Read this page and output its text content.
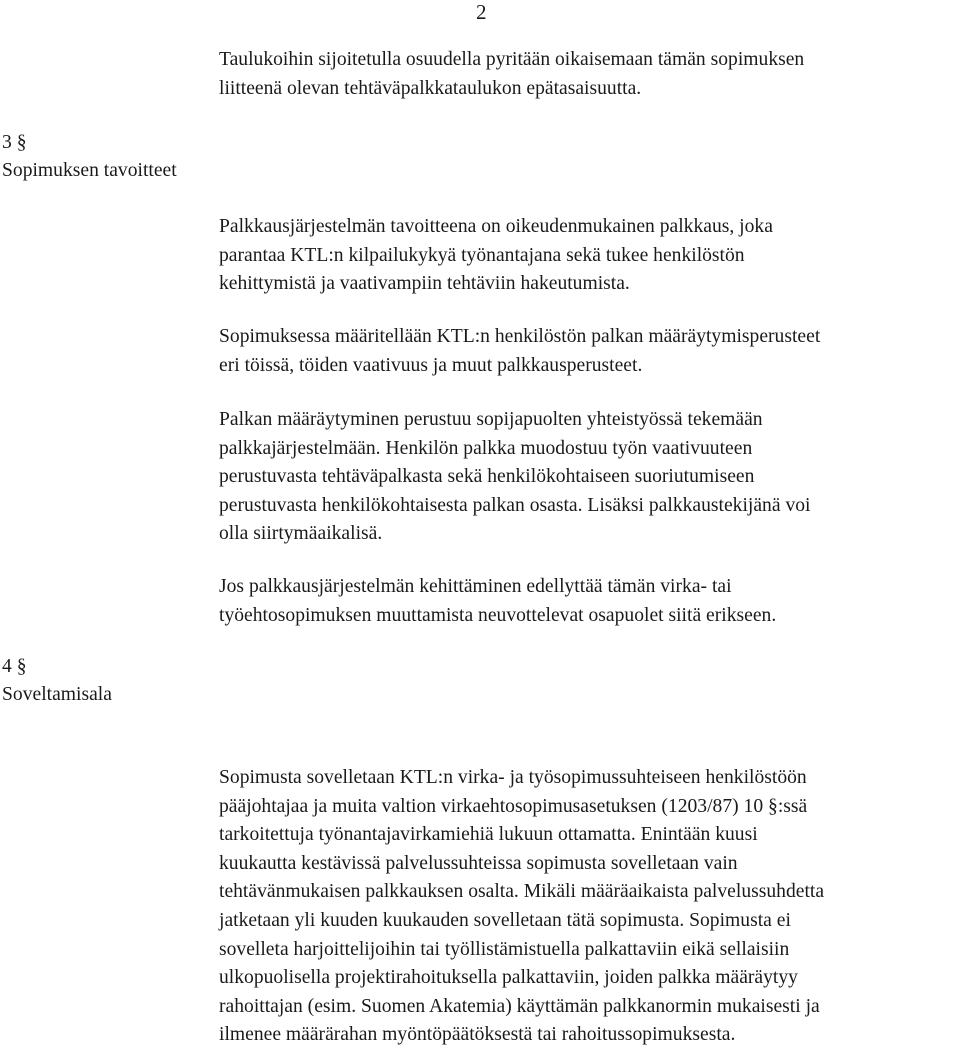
2

Taulukoihin sijoitetulla osuudella pyritään oikaisemaan tämän sopimuksen
liitteenä olevan tehtäväpalkkataulukon epätasaisuutta.

3 §
Sopimuksen tavoitteet

Palkkausjärjestelmän tavoitteena on oikeudenmukainen palkkaus, joka
parantaa KTL:n kilpailukykyä työnantajana sekä tukee henkilöstön
kehittymistä ja vaativampiin tehtäviin hakeutumista.

Sopimuksessa määritellään KTL:n henkilöstön palkan määräytymisperusteet
eri töissä, töiden vaativuus ja muut palkkausperusteet.

Palkan määräytyminen perustuu sopijapuolten yhteistyössä tekemään
palkkajärjestelmään. Henkilön palkka muodostuu työn vaativuuteen
perustuvasta tehtäväpalkasta sekä henkilökohtaiseen suoriutumiseen
perustuvasta henkilökohtaisesta palkan osasta. Lisäksi palkkaustekijänä voi
olla siirtymäaikalisä.

Jos palkkausjärjestelmän kehittäminen edellyttää tämän virka- tai
työehtosopimuksen muuttamista neuvottelevat osapuolet siitä erikseen.

4 §
Soveltamisala

Sopimusta sovelletaan KTL:n virka- ja työsopimussuhteiseen henkilöstöön
pääjohtajaa ja muita valtion virkaehtosopimusasetuksen (1203/87) 10 §:ssä
tarkoitettuja työnantajavirkamiehiä lukuun ottamatta. Enintään kuusi
kuukautta kestävissä palvelussuhteissa sopimusta sovelletaan vain
tehtävänmukaisen palkkauksen osalta. Mikäli määräaikaista palvelussuhdetta
jatketaan yli kuuden kuukauden sovelletaan tätä sopimusta. Sopimusta ei
sovelleta harjoittelijoihin tai työllistämistuella palkattaviin eikä sellaisiin
ulkopuolisella projektirahoituksella palkattaviin, joiden palkka määräytyy
rahoittajan (esim. Suomen Akatemia) käyttämän palkkanormin mukaisesti ja
ilmenee määrärahan myöntöpäätöksestä tai rahoitussopimuksesta.
